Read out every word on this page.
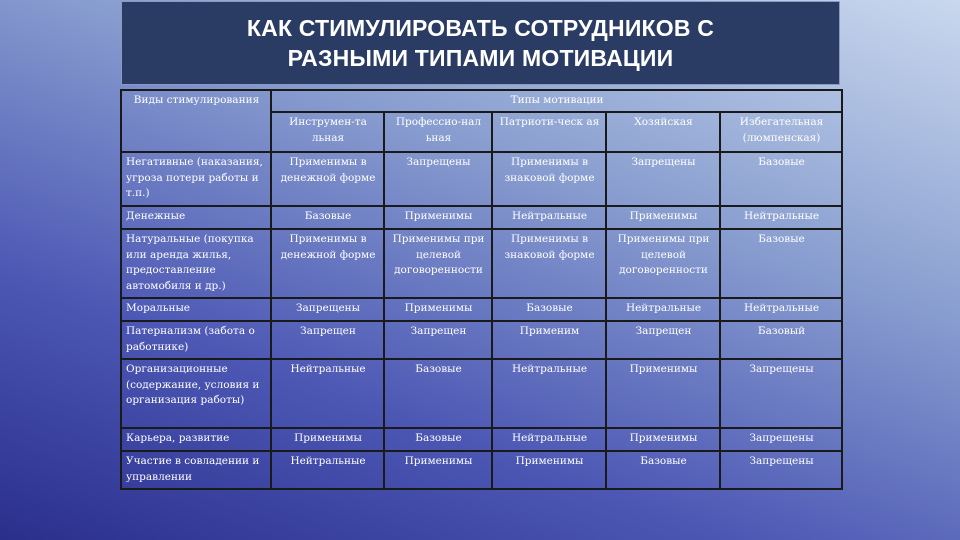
КАК СТИМУЛИРОВАТЬ СОТРУДНИКОВ С
РАЗНЫМИ ТИПАМИ МОТИВАЦИИ
Виды стимулирования	Типы мотивации				
	Инструмен-та льная	Профессио-нал ьная	Патриоти-ческ ая	Хозяйская	Избегательная (люмпенская)
Негативные (наказания, угроза потери работы и т.п.)	Применимы в денежной форме	Запрещены	Применимы в знаковой форме	Запрещены	Базовые
Денежные	Базовые	Применимы	Нейтральные	Применимы	Нейтральные
Натуральные (покупка или аренда жилья, предоставление автомобиля и др.)	Применимы в денежной форме	Применимы при целевой договоренности	Применимы в знаковой форме	Применимы при целевой договоренности	Базовые
Моральные	Запрещены	Применимы	Базовые	Нейтральные	Нейтральные
Патернализм (забота о работнике)	Запрещен	Запрещен	Применим	Запрещен	Базовый
Организационные (содержание, условия и организация работы)	Нейтральные	Базовые	Нейтральные	Применимы	Запрещены
Карьера, развитие	Применимы	Базовые	Нейтральные	Применимы	Запрещены
Участие в совладении и управлении	Нейтральные	Применимы	Применимы	Базовые	Запрещены
